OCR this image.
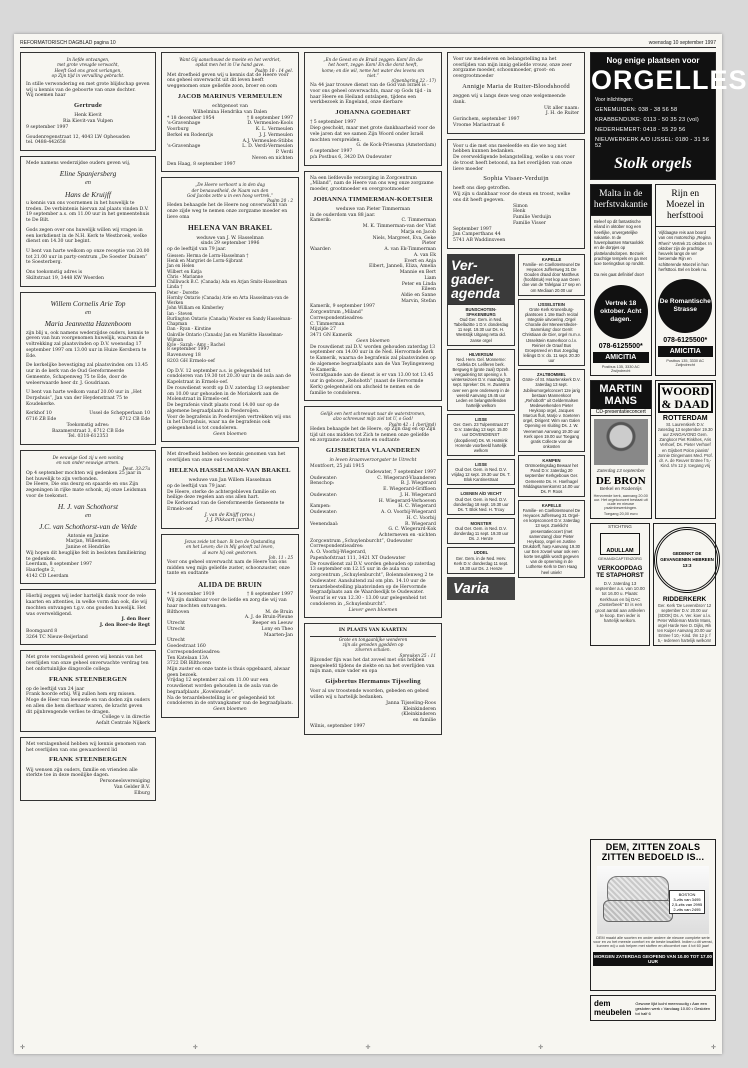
REFORMATORISCH DAGBLAD pagina 10	woensdag 10 september 1997
In liefde ontvangen,
met grote vreugde verwacht,
Heeft God ons groot verlangen,
op Zijn tijd in vervulling gebracht.
In stille verwondering en met grote blijdschap geven wij u kennis van de geboorte van onze dochter.
Wij noemen haar
Gertrude
Henk Kievit
Ria Kievit-van Vulpen
9 september 1997
Goudenregenstraat 12, 4043 LW Opheusden
tel. 0488-442658
Mede namens wederzijdse ouders geven wij,
Eline Spanjersberg
en
Hans de Kruijff
u kennis van ons voornemen in het huwelijk te treden. De verbintenis hiervan zal plaats vinden D.V. 19 september a.s. om 11.00 uur in het gemeentehuis te De Bilt.
Gods zegen over ons huwelijk willen wij vragen in een kerkdienst in de N.H. Kerk te Westbroek, welke dienst om 14.30 uur begint.
U bent van harte welkom op onze receptie van 20.00 tot 21.00 uur in party-centrum „De Soester Duinen” te Soesterberg.
Ons toekomstig adres is
Skiltstraat 19, 3448 KW Woerden
Willem Cornelis Arie Top
en
Maria Jeannetta Hazenboom
zijn blij u, ook namens wederzijdse ouders, kennis te geven van hun voorgenomen huwelijk, waarvan de voltrekking zal plaatsvinden op D.V. woensdag 17 september 1997 om 13.00 uur in Huize Kersbera te Ede.
De kerkelijke bevestiging zal plaatsvinden om 13.45 uur in de kerk van de Oud Gereformeerde Gemeente, Schapenweg 75 te Ede, door de weleerwaarde heer dr. J. Goudriaan.
U bent van harte welkom vanaf 20.00 uur in „Het Dorpshuis”, Jan van der Heydenstraat 75 te Koudekerke.
Kerkhof 10
6716 ZB Ede
Ussel de Schepperlaan 10
6712 CB Ede
Toekomstig adres:
Bazamerstraat 3, 6712 CB Ede
Tel. 0318-612353
De eeuwige God zij u een woning
en van onder eeuwige armen.
Deut. 33:27a
Op 4 september mochten wij gedenken 25 jaar in het huwelijk te zijn verbonden.
De Heere, Die ons deurg en spaarde en ons Zijn zegeningen in rijke mate schonk, zij onze Leidsman voor de toekomst.
H. J. van Schothorst
en
J.C. van Schothorst-van de Velde
Antonie en Janine
Marjan, Willemien,
Janine et Hendrike
Wij hopen dit heuglijke feit in besloten familiekring te gedenken.
Leerdam, 8 september 1997
Haarlegte 2,
4142 CD Leerdam
Hierbij zeggen wij ieder hartelijk dank voor de vele kaarten en attenties, in welke vorm dan ook, die wij mochten ontvangen t.g.v. ons gouden huwelijk. Het was overweldigend.
J. den Boer
J. den Boer-de Regt
Boomgaard 8
3264 TC Nieuw-Beijerland
Met grote verslagenheid geven wij kennis van het overlijden van onze geheel onverwachte verdrag ten het onfortuinlijke dingsvolle collega
FRANK STEENBERGEN
op de leeftijd van 24 jaar
Frank hoorde erbij. Wij zullen hem erg missen.
Moge de Heer van leeuwde en van doden zijn ouders en allen die hem dierbaar waren, de kracht geven dit pijnbrengende verlies te dragen.
College v. in directie
Aefalt Centrale Nijkerk
Met verslagenheid hebben wij kennis genomen van het overlijden van ons gewaardeerd lid
FRANK STEENBERGEN
Wij wensen zijn ouders, familie en vrienden alle sterkte toe in deze moeilijke dagen.
Personeelsvereniging
Van Gelder B.V.
Elburg
Want Gij aanschouwt de moeite en het verdriet,
opdat men het in Uw hand gave.
Psalm 10 : 14 gel.
Met droefheid geven wij u kennis dat de Heere voor ons geheel onverwacht uit dit leven heeft weggenomen onze geliefde zoon, broer en oom
JACOB MARINUS VERMEULEN
echtgenoot van
Wilhelmina Hendrika van Dalen
* 18 december 1954	† 8 september 1997
's-Gravenhage	D. Vermeulen-Kools
Voorburg	K. L. Vermeulen
Berkel en Rodenrijs	J. J. Vermeulen
A.J. Vermeulen-Stibbs
's-Gravenhage	L. D. Verdi-Vermeulen
P. Verdi
Neven en nichten
Den Haag, 8 september 1997
„De Heere verhoort u in den dag
der benauwdheid, de Naam van den
God Jacobs zette u in een hoog vertrek.”
Psalm 20 : 2
Heden behaagde het de Heere nog onverwacht van onze zijde weg te nemen onze zorgzame moeder en lieve oma
HELENA VAN BRAKEL
weduwe van J. W. Hasselman
sinds 29 september 1996
op de leeftijd van 79 jaar.
Giessen: Herma de Lorm-Hasselman †
Henk en Margriet de Lorm-Sijbrant
Jan en Helen
Wilbert en Katja
Chris - Marianne
Chilliwack B.C. (Canada) Ada en Arjan Smits-Hasselman
Linda †
Peter - Dorette
Hornby Ontario (Canada) Arie en Arta Hasselman-van de Werken
John William en Kimberley
Ian - Steven
Burlington Ontario (Canada) Wouter en Sandy Hasselman-Chapman
Dan - Ryan - Kirstine
Oakville Ontario (Canada) Jan en Mariëtte Hasselman-Wijman
Kyle - Sarah - Amy - Rachel
8 september 1997
Ravensweg 18
8203 GH Ermelo-oef
Op D.V. 12 september a.s. is gelegenheid tot condoleren van 19.30 tot 20.30 uur in de aula aan de Kapelstraat in Ermelo-oef.
De rouwdienst wordt op D.V. zaterdag 13 september om 10.00 uur gehouden in de Moriakerk aan de Molenstraat in Ermelo-oef.
De begrafenis vindt plaats rond 14.00 uur op de algemene begraafplaats in Poederoijen.
Voor de begrafenis in Poederoijen vertrekken wij ons in het Dorpshuis, waar na de begrafenis ook gelegenheid is tot condoleren.
Geen bloemen
Met droefheid hebben we kennis genomen van het overlijden van onze oud-voorzitster
HELENA HASSELMAN-VAN BRAKEL
weduwe van Jan Willem Hasselman
op de leeftijd van 79 jaar.
De Heere, sterke de achtergebleven familie en heilige deze regelen aan ons allen hart.
De Kerkeraad van de Gereformeerde Gemeente te Ermelo-oef
J. van de Knijff (pres.)
J. J. Pikkaart (scriba)
Jezus zeide tot haar: Ik ben de Opstanding
en het Leven; die in Mij gelooft zal leven,
al ware hij ook gestorven.
Joh. 11 : 25
Voor ons geheel onverwacht nam de Heere van ons midden weg mijn geliefde zuster, schoonzuster, onze tante en oudtante
ALIDA DE BRUIN
* 14 november 1919	† 8 september 1997
Wij zijn dankbaar voor de liefde en zorg die wij van haar mochten ontvangen.
Bilthoven	M. de Bruin
A. J. de Bruin-Pleune
Utrecht	Reeper en Leeuw
Utrecht	Lony en Theo
Maarten-Jan
Utrecht
Goedestraat 160
Correspondentieadres:
Ten Katelaan 13A
3722 DR Bilthoven
Mijn zuster en onze tante is thuis opgebaard, alwaar geen bezoek.
Vrijdag 12 september zal om 11.00 uur een rouwdienst worden gehouden in de aula van de begraafplaats „Kovelswade”.
Na de teraardebestelling is er gelegenheid tot condoleren in de ontvangkamer van de begraafplaats.
Geen bloemen
„En de Geest en de Bruid zeggen: Kom! En die
het hoort, zegge: Kom! En die dorst heeft,
kome; en die wil, neme het water des levens om
niet.”
(Openbaring 22 : 17)
Na 44 jaar trouwe dienst van de God van Israël is - voor ons geheel onverwachts, maar op Gods tijd - in haar Heere en Heiland ontslapen, tijdens een werkbezoek in Engeland, onze dierbare
JOHANNA GOEDHART
† 5 september 1997
Diep geschokt, maar met grote dankbaarheid voor de vele jaren dat we samen Zijn Woord onder Israël mochten verspreiden.
G. de Kock-Priessma (Amsterdam)
6 september 1997
p/a Postbus 6, 3420 DA Oudewater
Na een liefdevolle verzorging in Zorgcentrum „Miland”, nam de Heere van ons weg onze zorgzame moeder, grootmoeder en overgrootmoeder
JOHANNA TIMMERMAN-KOETSIER
weduwe van Pieter Timmerman
in de ouderdom van 88 jaar.
Kamerik:	C. Timmerman
M. K. Timmerman-van der Vlist
Marja en Jacob
Niels, Margreet, Eva, Geke
Pieter
Waarder:	A. van Ek-Timmerman
A. van Ek
Evert en Anja
Elbert, Janneli, Eliza, Amelia
Mannie en Bert
Liam
Peter en Linda
Eileen
Aldie en Sanne
Marvin, Stefan
Kamerik, 9 september 1997
Zorgcentrum „Miland”
Correspondentieadres:
C. Timmerman
Mijzijde 27
3471 GN Kamerik
Geen bloemen
De rouwdienst zal D.V. worden gehouden zaterdag 13 september om 14.00 uur in de Ned. Hervormde Kerk te Kamerik, waarna de begrafenis zal plaatsvinden op de algemene begraafplaats aan de Van Teylingenweg te Kamerik.
Voorafgaande aan de dienst is er van 13.00 tot 13.45 uur in gebouw „Rehoboth” (naast de Hervormde Kerk) gelegenheid om afscheid te nemen en de familie te condoleren.
Gelijk een hert schreeuwt naar de waterstromen,
alzo schreeuwt mijn ziel tot U, o God!
Psalm 42 : 1 (berijmd)
Heden behaagde het de Heere, op Zijn dag en op Zijn tijd uit ons midden tot Zich te nemen onze geliefde en zorgzame zuster, tante en oudtante
GIJSBERTHA VLAANDEREN
in leven kraamverzorgster te Utrecht
Montfoort, 25 juli 1915
Oudewater, 7 september 1997
Oudewater:	C. Wiegerard-Vlaanderen
Benschop:	B. J. Wiegerard
E. Wiegerard-Griffioen
Oudewater:	J. H. Wiegerard
H. Wiegerard-Verhoeven
Kampen:	H. C. Wiegerard
Oudewater:	A. O. Voorbij-Wiegerard
H. C. Voorbij
Veenendaal:	R. Wiegerard
G. C. Wiegerard-Kok
Achterneven en -nichten
Zorgcentrum „Schuylenburcht”, Oudewater
Correspondentieadres:
A. O. Voorbij-Wiegerard,
Papenhofstraat 111, 3421 XT Oudewater
De rouwdienst zal D.V. worden gehouden op zaterdag 13 september om 12.15 uur in de aula van zorgcentrum „Schuylenburcht”, Bolenmolenweg 2 te Oudewater. Aansluitend zal om plm. 14.10 uur de teraardebestelling plaatsvinden op de Hervormde Begraafplaats aan de Waardsedijk te Oudewater.
Vooraf is er van 12.30 - 13.00 uur gelegenheid tot condoleren in „Schuylenburcht”.
Liever geen bloemen
IN PLAATS VAN KAARTEN
Grote en tongaanlijke wonderen
zijn als genoden ggodden op
zilveren schalen.
Spreuken 25 : 11
Bijzonder fijn was het dat zoveel met ons hebben meegeleefd tijdens de ziekte en na het overlijden van mijn man, onze vader en opa
Gijsbertus Hermanus Tijsseling
Voor al uw troostende woorden, gebeden en gebed willen wij u hartelijk bedanken.
Janna Tijsseling-Roos
Kleinkinderen
(Kleinkinderen
en familie
Wilnis, september 1997
Voor uw medeleven en belangstelling na het overlijden van mijn innig geliefde vrouw, onze zeer zorgzame moeder, schoonmoeder, groot- en overgrootmoeder
Annigje Maria de Ruiter-Bloodshoofd
zeggen wij u langs deze weg onze welgemeende dank.
Uit aller naam:
J. H. de Ruiter
Gorinchem, september 1997
Vroome Mariastraat 6
Voor u die met ons meeleefde en die we nog niet hebben kunnen bedanken.
De overweldigende belangstelling, welke u ons voor de troost heeft betoond, na het overlijden van onze lieve moeder
Sophia Visser-Verduijn
heeft ons diep getroffen.
Wij zijn u dankbaar voor de steun en troost, welke ons dit heeft gegeven.
Simon
Henk
Familie Verduijn
Familie Visser
September 1997
Jan Camperthans 44
5741 AB Waddinxveen
Ver-
gader-
agenda
BUNSCHOTEN-SPAKENBURG
Oud Ger. Gem. in Ned. Tabellazitte 1 D.V. donderdag 11 sept. 19.30 uur Ds. H. Weststijk Uitgang retta old. zanse orgel
HILVERSUM
Ned. Herv. Gel. Monnerne: Cafetia Dr. Leliferen berk. Bergweg 8 (grote zaal) Opzeh. vergadering tot opening v. h. winterseizoen D.V. maandag 15 sept. Spreker: Ds. H. Zwarstra over een gere onderwerp in de wereld Aanvang 19.45 uur Leden en belangstellenden hartelijk welkom
LISSE
Ger. Gem. 23 Tulpenstraat 27 D.V. zaterdag 13 sept. 15.00 uur DOVENDIENST (doopdienst) Ds. W. Hatmink Horende voorbeeld hartelijk welkom
LISSE
Oud Ger. Gem. in Ned. D.V. vrijdag 12 sept. 19.30 uur Ds. T. Blok Kantinestraat
LOENEN A/D VECHT
Oud Ger. Gem. in Ned. D.V. donderdag 18 sept. 19.30 uur Ds. T. Blok Ned. H. Trcuy
MONSTER
Oud Ger. Gem. in Ned. D.V. donderdag 11 sept. 19.30 uur Ds. J. Henze
UDDEL
Ger. Gem. in de Ned. Herv. Kerk D.V. donderdag 11 sept. 19.30 uur Ds. J. Henze
Varia
KAPELLE
Familie- en Coellotenteunel De Heyaces Juffersweg 31 De Gouden draad door Mattheus (hoofdstuk) Het kop aan Geen doe van de Tafelgaai 17 sep en om Mediaan 20.00 uur
IJSSELSTEIN
Grote Kerk Kronenburg-plantsoen 1 18e Bach recital Integrale uitvoering ‚Orgel Choralie der Meneerstleder-Sammlung' door Gerrit Christiaan de Gier, orgel m.m.v. IJsselstein Kamerkoor o.l.v. Reinier de Graaf Bus Groepsreed en Bus Joegdag leliings D.V. do. 11 sept. 20.30 uur
ZALTBOMMEL
Grote- of St. Maartenskerk D.V. zaterdag 13 sept. Jubileumorgelconcert 12e jarig bestaan Mannenkoor „Rehoboth” uit Geldermalsen Medewerkenden Pieter Heykoop orgel, Jacques Marcus fluit, Marjo v. Soeteren orgel, Dirigent: Wim van Galen Opening en sluiting Ds. J. W. Veeneman Aanvang 19.30 uur Kerk open 19.00 uur Toegang gratis Collecte voor de onkosten
KAMPEN
Ontmoetingsdag Bewaar het Pand D.V. zaterdag 20 september Kerkgebouw Ger. Gemeente Ds. H. Hoefnagel Middagsamenkomst 14.00 uur Ds. P. Roos
KAPELLE
Familie- en Coellotenteunel De Heyaces Juffersweg 31 Orgel- en korpsconcert D.V. zaterdag 13 sept. Zoeklicht presentatiecocert (met samenzang) door Pieter Heykoop, orgel en Justine Drukdorff, harp Aanvang 19.30 uur Een zovoel waar ook een korte terugblik wordt gegeven van de opneming in de Lutherse Kerk te Den Haag heel uniek!
Nog enige plaatsen voor
ORGELLES
Voor inlichtingen:
GENEMUIDEN: 038 - 38 56 58
KRABBENDIJKE: 0113 - 50 35 23 (vol)
NEDERHEMERT: 0418 - 55 29 56
NIEUWERKERK A/D IJSSEL: 0180 - 31 56 52
Stolk orgels
Malta in de herfstvakantie
Beleef op dit fantastische eiland in oktober nog een heerlijke, onvergetelijke vakantie. In de havenplaatsen Marsaxlokk en de dorpjes op plattelandsdorpen. Bezoek prachtige tempels en ga met luxe toeringsbus op rondrit.
Da reis gaat definitief door!
Vertrek 18 oktober. Acht dagen.
078-6125500*
AMICITIA
Postbus 135, 3330 AC Zwijndrecht
Rijn en Moezel in herfsttooi
Vijfdaagse reis aan boord van ons motorschip „Regina Rheni” Vertrek 21 oktober. In oktober zijn de prachtige heuvels langs de ver beroemde Rijn en schitterende Moezel in hun herfsttooi. Bel en boek nu.
De Romantische Strasse
078-6125500*
AMICITIA
Postbus 135, 3330 AC Zwijndrecht
MARTIN MANS
CD-presentatieconcert
Zaterdag 13 september
DE BRON
Berkel en Rodenrijs
Hervormde kerk, aanvang 20.00 uur. Het orgelconcert bestaat uit oude en nieuwe psalmbewerkingen.
Toegang 20,00 euro
WOORD & DAAD
ROTTERDAM
St. Laurenskerk D.V. zaterdag 13 september 19.30 uur ZANGAVOND Gem. Zangkoor Piet Rinkhes, Aris Verhoef, Ds. Pieter Verhoef en Gijsbert Polon pianist/ Jonnie Dingemans Med. Prof. dr. A. de Reuver Entree f 5,- Kind. t/m 12 jr. toegang vrij
STICHTING
ADULLAM
GEHANDICAPTENZORG
VERKOOPDAG TE STAPHORST
D.V. zaterdag 13 september a.s. van 10.00 tot 16.00 u. Plaats: Kerkhuus en bij DAC „Oosterbeek” Er is een groot aantal aan artikelen te koop. Een ieder is hartelijk welkom.
GEDENKT DE GEVANGENEN HEBREEN 13:3
RIDDERKERK
Ger. Kerk 'De Levensbron' 12 september D.V. 20.00 uur (SDOK) Ds. A. Ver. koer o.l.v. Peter Wildeman Martin Mans, orgel Harde Nee D. Dijks, Rik ten Kuiper Aanvang 20.00 uur Entree f 10,- Kind. t/m 12 jr. f 5,- Iedereen hartelijk welkom!
DEM, ZITTEN ZOALS ZITTEN BEDOELD IS...
BOSTON
3-zits van 3495
2,5-zits van 2995
2-zits van 2495
DEM maakt alle soorten en onder andere de nieuwe complete serie voor en zo het meeste comfort en de beste kwaliteit. Indien u dit wenst, kunnen wij u ook helpen met stoffen en zitcomfort van 4 tot 60 jaar!
MORGEN ZATERDAG GEOPEND VAN 10.00 TOT 17.00 UUR
dem meubelen
Gewone lijkt lucht meervoudig • Aan een gesloten werk • Vandaag 10.00 • Gesloten tot half 6
✛	✛	✛	✛	✛
